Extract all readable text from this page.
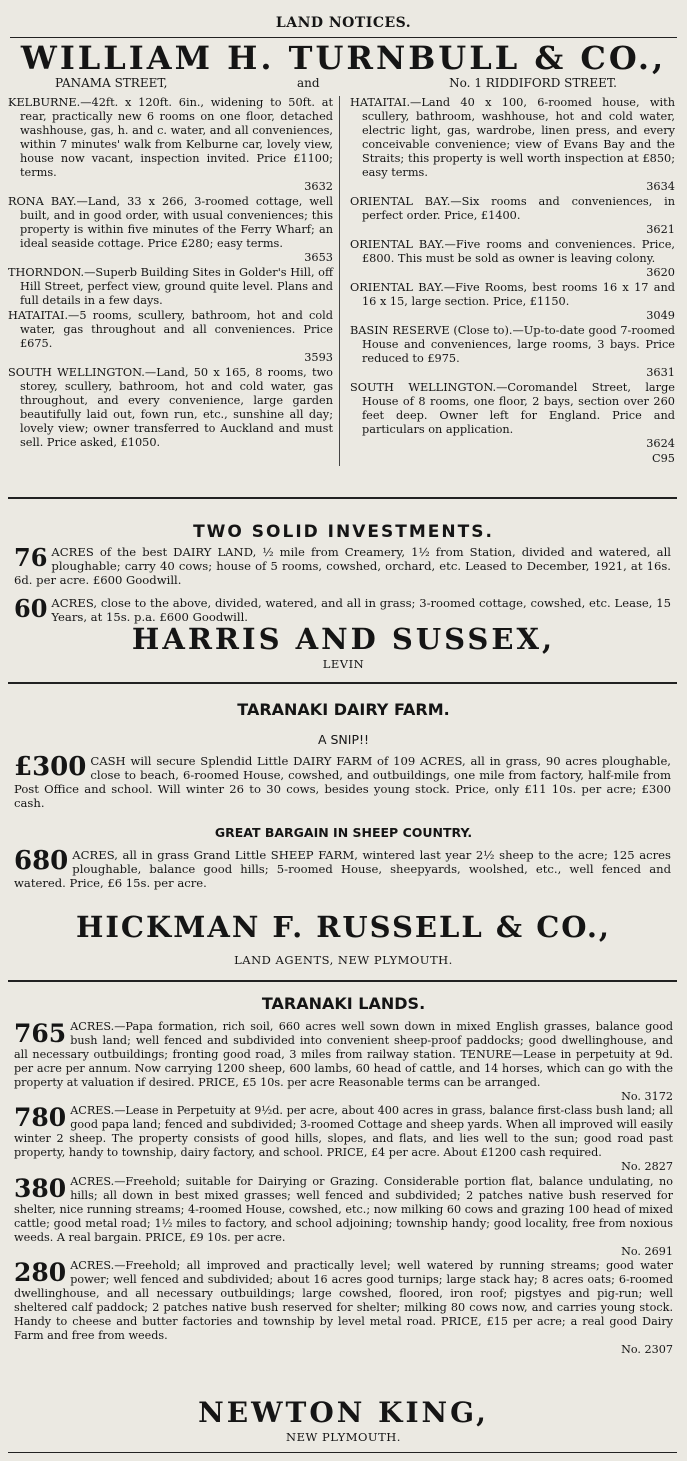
LAND NOTICES.
WILLIAM H. TURNBULL & CO.,
PANAMA STREET,	and	No. 1 RIDDIFORD STREET.

KELBURNE.—42ft. x 120ft. 6in., widening to 50ft. at rear, practically new 6 rooms on one floor, detached washhouse, gas, h. and c. water, and all conveniences, within 7 minutes' walk from Kelburne car, lovely view, house now vacant, inspection invited. Price £1100; terms.

3632

RONA BAY.—Land, 33 x 266, 3-roomed cottage, well built, and in good order, with usual conveniences; this property is within five minutes of the Ferry Wharf; an ideal seaside cottage. Price £280; easy terms.

3653

THORNDON.—Superb Building Sites in Golder's Hill, off Hill Street, perfect view, ground quite level. Plans and full details in a few days.

HATAITAI.—5 rooms, scullery, bathroom, hot and cold water, gas throughout and all conveniences. Price £675.

3593

SOUTH WELLINGTON.—Land, 50 x 165, 8 rooms, two storey, scullery, bathroom, hot and cold water, gas throughout, and every convenience, large garden beautifully laid out, fown run, etc., sunshine all day; lovely view; owner transferred to Auckland and must sell. Price asked, £1050.

HATAITAI.—Land 40 x 100, 6-roomed house, with scullery, bathroom, washhouse, hot and cold water, electric light, gas, wardrobe, linen press, and every conceivable convenience; view of Evans Bay and the Straits; this property is well worth inspection at £850; easy terms.

3634

ORIENTAL BAY.—Six rooms and conveniences, in perfect order. Price, £1400.

3621

ORIENTAL BAY.—Five rooms and conveniences. Price, £800. This must be sold as owner is leaving colony.

3620

ORIENTAL BAY.—Five Rooms, best rooms 16 x 17 and 16 x 15, large section. Price, £1150.

3049

BASIN RESERVE (Close to).—Up-to-date good 7-roomed House and conveniences, large rooms, 3 bays. Price reduced to £975.

3631

SOUTH WELLINGTON.—Coromandel Street, large House of 8 rooms, one floor, 2 bays, section over 260 feet deep. Owner left for England. Price and particulars on application.

3624

C95

TWO SOLID INVESTMENTS.
76 ACRES of the best DAIRY LAND, ½ mile from Creamery, 1½ from Station, divided and watered, all ploughable; carry 40 cows; house of 5 rooms, cowshed, orchard, etc. Leased to December, 1921, at 16s. 6d. per acre. £600 Goodwill.

60 ACRES, close to the above, divided, watered, and all in grass; 3-roomed cottage, cowshed, etc. Lease, 15 Years, at 15s. p.a. £600 Goodwill.

HARRIS AND SUSSEX,
LEVIN
TARANAKI DAIRY FARM.
A SNIP!!
£300 CASH will secure Splendid Little DAIRY FARM of 109 ACRES, all in grass, 90 acres ploughable, close to beach, 6-roomed House, cowshed, and outbuildings, one mile from factory, half-mile from Post Office and school. Will winter 26 to 30 cows, besides young stock. Price, only £11 10s. per acre; £300 cash.

GREAT BARGAIN IN SHEEP COUNTRY.
680 ACRES, all in grass Grand Little SHEEP FARM, wintered last year 2½ sheep to the acre; 125 acres ploughable, balance good hills; 5-roomed House, sheepyards, woolshed, etc., well fenced and watered. Price, £6 15s. per acre.

HICKMAN F. RUSSELL & CO.,
LAND AGENTS, NEW PLYMOUTH.
TARANAKI LANDS.
765 ACRES.—Papa formation, rich soil, 660 acres well sown down in mixed English grasses, balance good bush land; well fenced and subdivided into convenient sheep-proof paddocks; good dwellinghouse, and all necessary outbuildings; fronting good road, 3 miles from railway station. TENURE—Lease in perpetuity at 9d. per acre per annum. Now carrying 1200 sheep, 600 lambs, 60 head of cattle, and 14 horses, which can go with the property at valuation if desired. PRICE, £5 10s. per acre Reasonable terms can be arranged.

No. 3172

780 ACRES.—Lease in Perpetuity at 9½d. per acre, about 400 acres in grass, balance first-class bush land; all good papa land; fenced and subdivided; 3-roomed Cottage and sheep yards. When all improved will easily winter 2 sheep. The property consists of good hills, slopes, and flats, and lies well to the sun; good road past property, handy to township, dairy factory, and school. PRICE, £4 per acre. About £1200 cash required.

No. 2827

380 ACRES.—Freehold; suitable for Dairying or Grazing. Considerable portion flat, balance undulating, no hills; all down in best mixed grasses; well fenced and subdivided; 2 patches native bush reserved for shelter, nice running streams; 4-roomed House, cowshed, etc.; now milking 60 cows and grazing 100 head of mixed cattle; good metal road; 1½ miles to factory, and school adjoining; township handy; good locality, free from noxious weeds. A real bargain. PRICE, £9 10s. per acre.

No. 2691

280 ACRES.—Freehold; all improved and practically level; well watered by running streams; good water power; well fenced and subdivided; about 16 acres good turnips; large stack hay; 8 acres oats; 6-roomed dwellinghouse, and all necessary outbuildings; large cowshed, floored, iron roof; pigstyes and pig-run; well sheltered calf paddock; 2 patches native bush reserved for shelter; milking 80 cows now, and carries young stock. Handy to cheese and butter factories and township by level metal road. PRICE, £15 per acre; a real good Dairy Farm and free from weeds.

No. 2307

NEWTON KING,
NEW PLYMOUTH.
